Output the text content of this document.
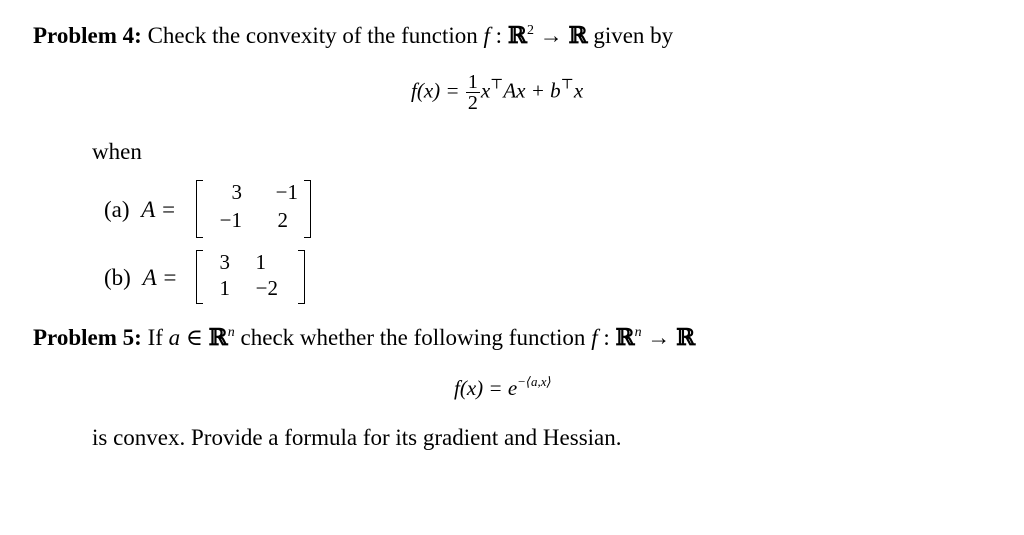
Problem 4: Check the convexity of the function f : ℝ$^2$ → ℝ given by
$f(x) = \frac{1}{2} x^⊤Ax + b^⊤x$
when
(a) A =
3	−1
−1	2
(b) A =
3	1
1	−2
Problem 5: If a ∈ ℝ$^n$ check whether the following function f : ℝ$^n$ → ℝ
$f(x) = e^{-⟨a,x⟩}$
is convex. Provide a formula for its gradient and Hessian.
